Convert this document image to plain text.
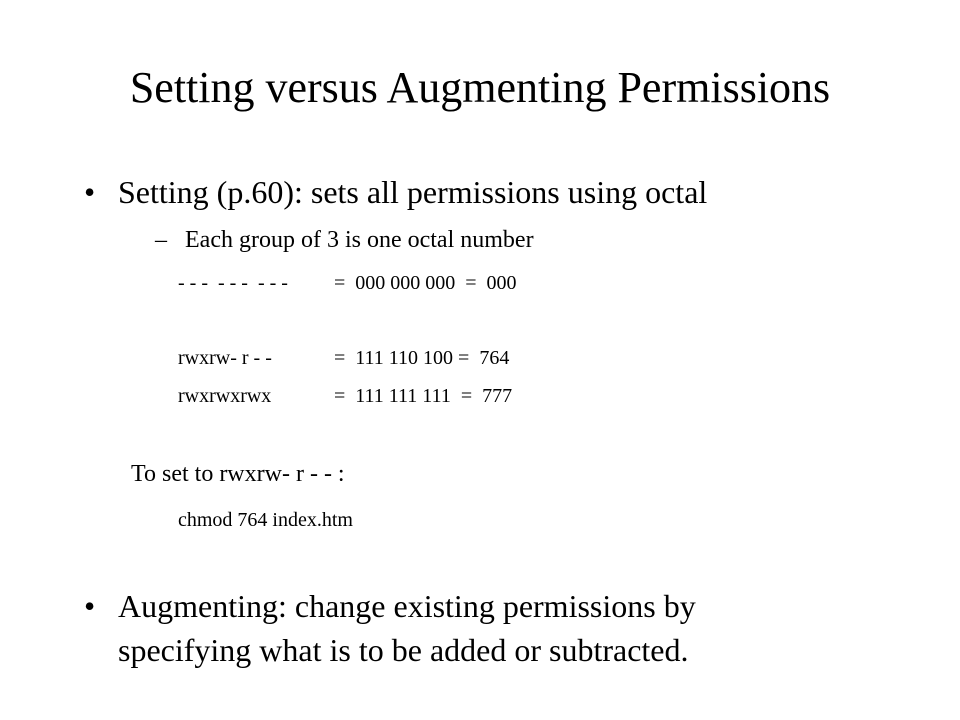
Setting versus Augmenting Permissions
• Setting (p.60): sets all permissions using octal
– Each group of 3 is one octal number
- - -  - - -  - - - =  000 000 000  =  000
rwxrw- r - -	=  111 110 100 =  764
rwxrwxrwx	=  111 111 111  =  777
To set to rwxrw- r - - :
chmod 764 index.htm
• Augmenting: change existing permissions by
specifying what is to be added or subtracted.
